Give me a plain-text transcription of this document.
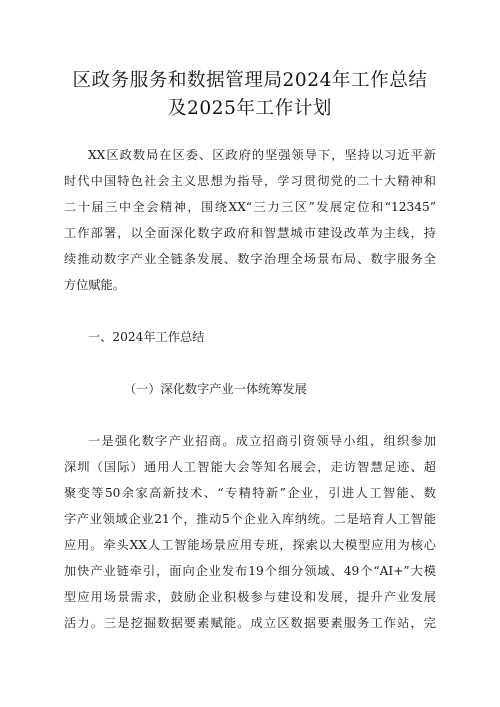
区政务服务和数据管理局2024年工作总结
及2025年工作计划
XX区政数局在区委、区政府的坚强领导下，坚持以习近平新
时代中国特色社会主义思想为指导，学习贯彻党的二十大精神和
二十届三中全会精神，围绕XX“三力三区”发展定位和“12345”
工作部署，以全面深化数字政府和智慧城市建设改革为主线，持
续推动数字产业全链条发展、数字治理全场景布局、数字服务全
方位赋能。
一、2024年工作总结
（一）深化数字产业一体统筹发展
一是强化数字产业招商。成立招商引资领导小组，组织参加
深圳（国际）通用人工智能大会等知名展会，走访智慧足迹、超
聚变等50余家高新技术、“专精特新”企业，引进人工智能、数
字产业领域企业21个，推动5个企业入库纳统。二是培育人工智能
应用。牵头XX人工智能场景应用专班，探索以大模型应用为核心
加快产业链牵引，面向企业发布19个细分领域、49个“AI+”大模
型应用场景需求，鼓励企业积极参与建设和发展，提升产业发展
活力。三是挖掘数据要素赋能。成立区数据要素服务工作站，完
